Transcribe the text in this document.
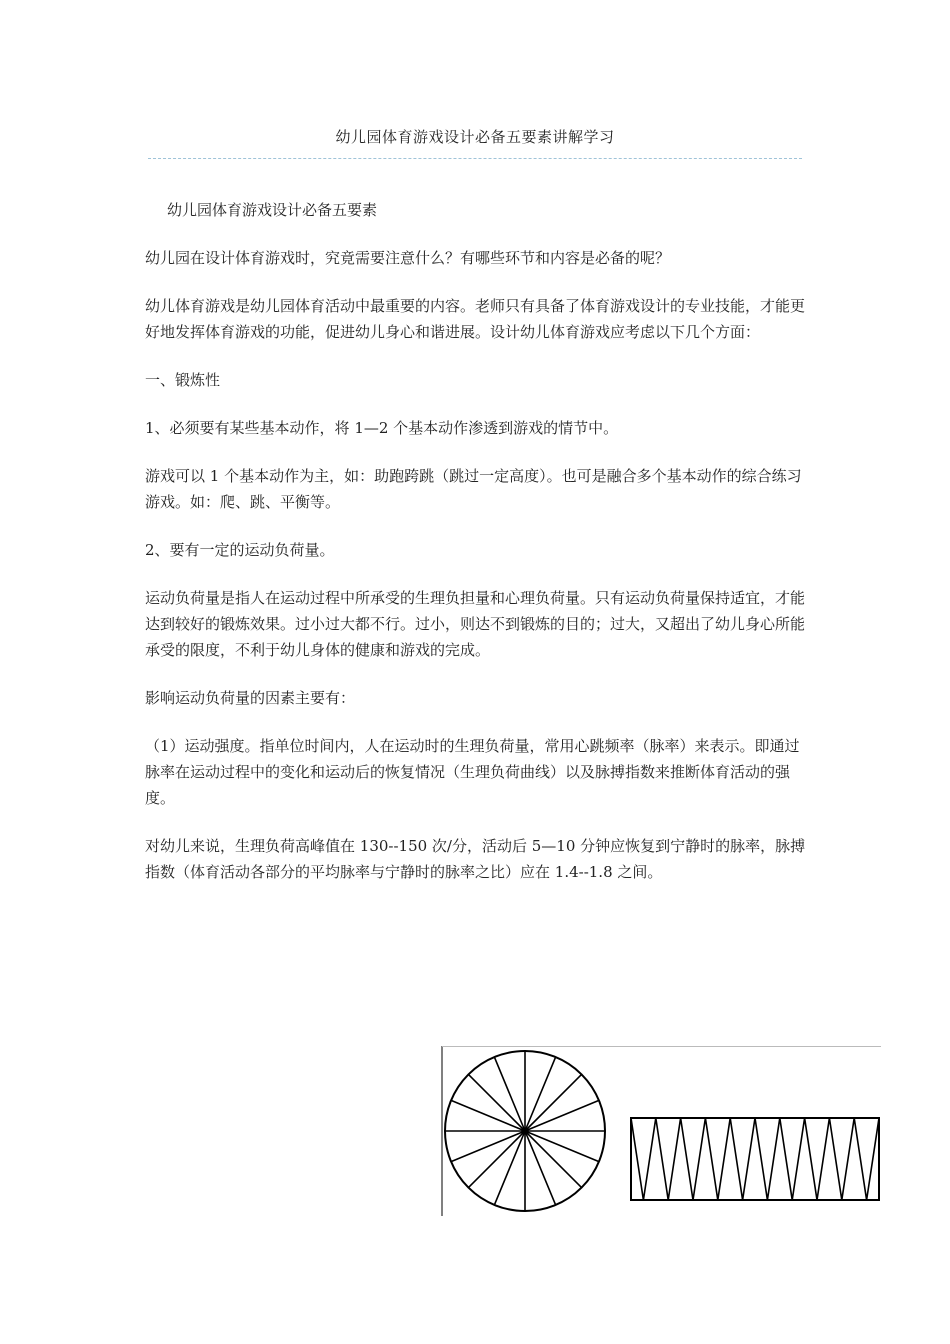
幼儿园体育游戏设计必备五要素讲解学习

幼儿园体育游戏设计必备五要素

幼儿园在设计体育游戏时，究竟需要注意什么？有哪些环节和内容是必备的呢？

幼儿体育游戏是幼儿园体育活动中最重要的内容。老师只有具备了体育游戏设计的专业技能，才能更好地发挥体育游戏的功能，促进幼儿身心和谐进展。设计幼儿体育游戏应考虑以下几个方面：

一、锻炼性

1、必须要有某些基本动作，将 1—2 个基本动作渗透到游戏的情节中。

游戏可以 1 个基本动作为主，如：助跑跨跳（跳过一定高度）。也可是融合多个基本动作的综合练习游戏。如：爬、跳、平衡等。

2、要有一定的运动负荷量。

运动负荷量是指人在运动过程中所承受的生理负担量和心理负荷量。只有运动负荷量保持适宜，才能达到较好的锻炼效果。过小过大都不行。过小，则达不到锻炼的目的；过大，又超出了幼儿身心所能承受的限度，不利于幼儿身体的健康和游戏的完成。

影响运动负荷量的因素主要有：

（1）运动强度。指单位时间内，人在运动时的生理负荷量，常用心跳频率（脉率）来表示。即通过脉率在运动过程中的变化和运动后的恢复情况（生理负荷曲线）以及脉搏指数来推断体育活动的强度。

对幼儿来说，生理负荷高峰值在 130--150 次/分，活动后 5—10 分钟应恢复到宁静时的脉率，脉搏指数（体育活动各部分的平均脉率与宁静时的脉率之比）应在 1.4--1.8 之间。
